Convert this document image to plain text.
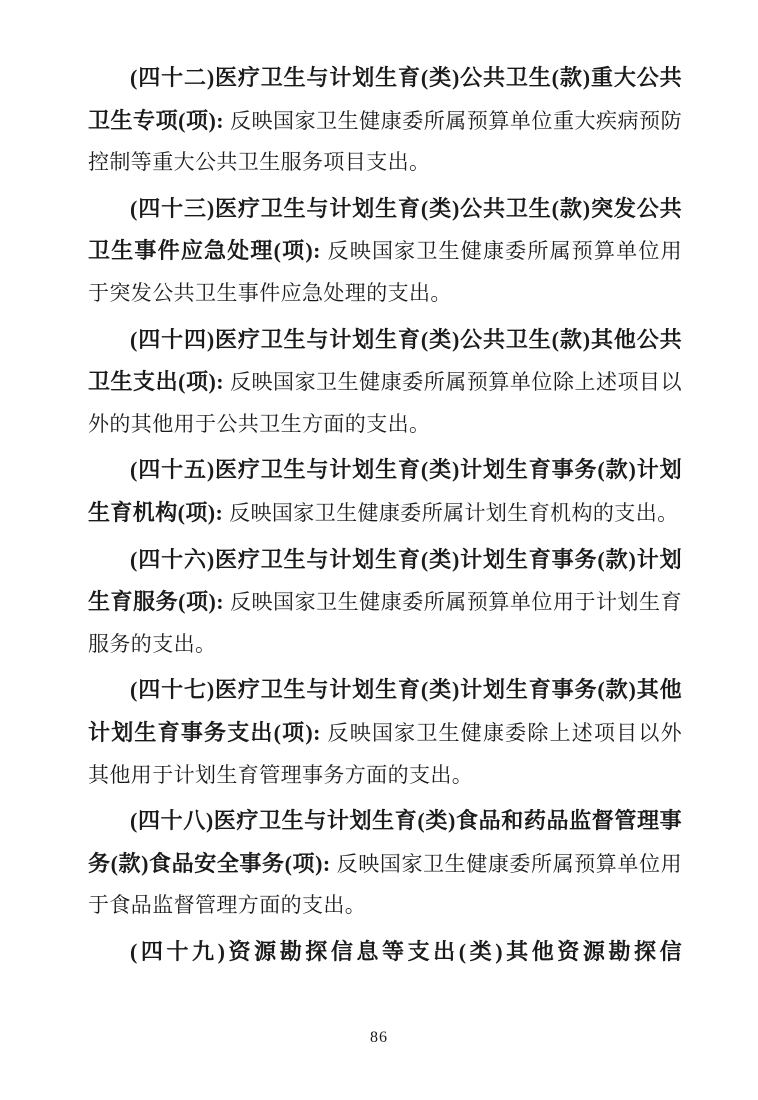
(四十二)医疗卫生与计划生育(类)公共卫生(款)重大公共卫生专项(项): 反映国家卫生健康委所属预算单位重大疾病预防控制等重大公共卫生服务项目支出。

(四十三)医疗卫生与计划生育(类)公共卫生(款)突发公共卫生事件应急处理(项): 反映国家卫生健康委所属预算单位用于突发公共卫生事件应急处理的支出。

(四十四)医疗卫生与计划生育(类)公共卫生(款)其他公共卫生支出(项): 反映国家卫生健康委所属预算单位除上述项目以外的其他用于公共卫生方面的支出。

(四十五)医疗卫生与计划生育(类)计划生育事务(款)计划生育机构(项): 反映国家卫生健康委所属计划生育机构的支出。

(四十六)医疗卫生与计划生育(类)计划生育事务(款)计划生育服务(项): 反映国家卫生健康委所属预算单位用于计划生育服务的支出。

(四十七)医疗卫生与计划生育(类)计划生育事务(款)其他计划生育事务支出(项): 反映国家卫生健康委除上述项目以外其他用于计划生育管理事务方面的支出。

(四十八)医疗卫生与计划生育(类)食品和药品监督管理事务(款)食品安全事务(项): 反映国家卫生健康委所属预算单位用于食品监督管理方面的支出。

(四十九)资源勘探信息等支出(类)其他资源勘探信

86
